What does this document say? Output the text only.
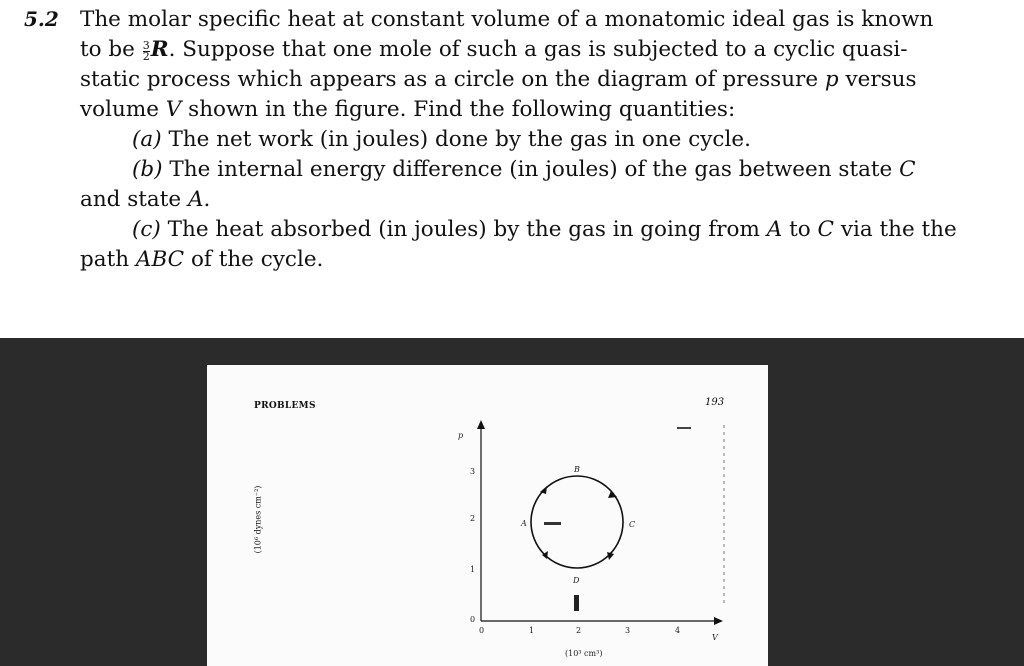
5.2 The molar specific heat at constant volume of a monatomic ideal gas is known to be $\frac{3}{2} R$. Suppose that one mole of such a gas is subjected to a cyclic quasi-static process which appears as a circle on the diagram of pressure p versus volume V shown in the figure. Find the following quantities:

(a) The net work (in joules) done by the gas in one cycle.

(b) The internal energy difference (in joules) of the gas between state C and state A.

(c) The heat absorbed (in joules) by the gas in going from A to C via the the path ABC of the cycle.

PROBLEMS	193
p
3
2
1
0
0	1	2	3	4
V
(10³ cm³)
A
B
C
D
(10⁶ dynes cm⁻²)
